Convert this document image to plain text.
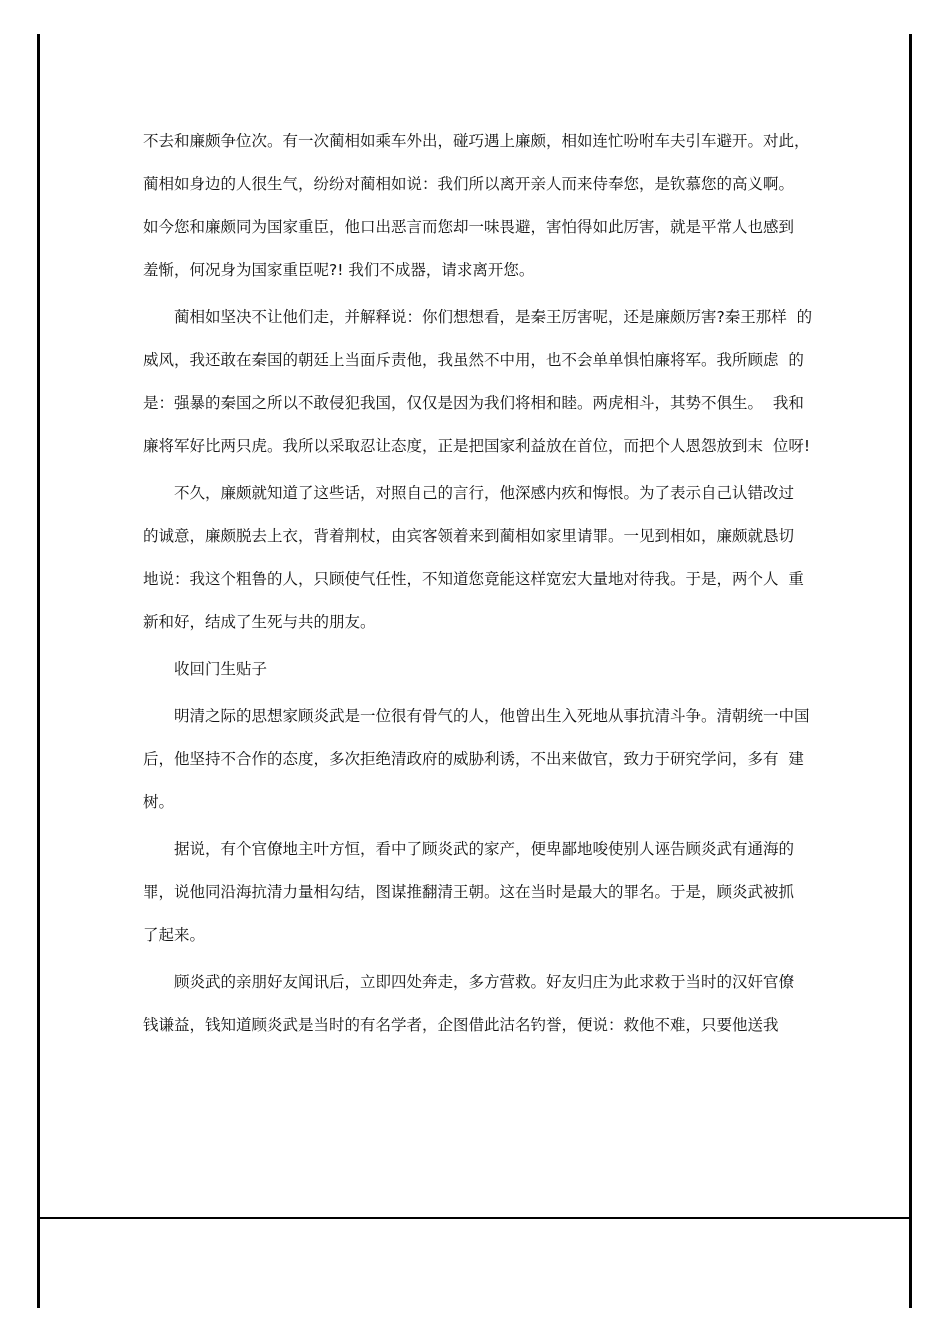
不去和廉颇争位次。有一次蔺相如乘车外出，碰巧遇上廉颇，相如连忙吩咐车夫引车避开。对此，  蔺相如身边的人很生气，纷纷对蔺相如说：我们所以离开亲人而来侍奉您，是钦慕您的高义啊。  如今您和廉颇同为国家重臣，他口出恶言而您却一味畏避，害怕得如此厉害，就是平常人也感到  羞惭，何况身为国家重臣呢?! 我们不成器，请求离开您。

蔺相如坚决不让他们走，并解释说：你们想想看，是秦王厉害呢，还是廉颇厉害?秦王那样  的威风，我还敢在秦国的朝廷上当面斥责他，我虽然不中用，也不会单单惧怕廉将军。我所顾虑  的是：强暴的秦国之所以不敢侵犯我国，仅仅是因为我们将相和睦。两虎相斗，其势不俱生。  我和廉将军好比两只虎。我所以采取忍让态度，正是把国家利益放在首位，而把个人恩怨放到末  位呀!

不久，廉颇就知道了这些话，对照自己的言行，他深感内疚和悔恨。为了表示自己认错改过  的诚意，廉颇脱去上衣，背着荆杖，由宾客领着来到蔺相如家里请罪。一见到相如，廉颇就恳切  地说：我这个粗鲁的人，只顾使气任性，不知道您竟能这样宽宏大量地对待我。于是，两个人  重新和好，结成了生死与共的朋友。

收回门生贴子

明清之际的思想家顾炎武是一位很有骨气的人，他曾出生入死地从事抗清斗争。清朝统一中国后，他坚持不合作的态度，多次拒绝清政府的威胁利诱，不出来做官，致力于研究学问，多有  建树。

据说，有个官僚地主叶方恒，看中了顾炎武的家产，便卑鄙地唆使别人诬告顾炎武有通海的  罪，说他同沿海抗清力量相勾结，图谋推翻清王朝。这在当时是最大的罪名。于是，顾炎武被抓  了起来。

顾炎武的亲朋好友闻讯后，立即四处奔走，多方营救。好友归庄为此求救于当时的汉奸官僚  钱谦益，钱知道顾炎武是当时的有名学者，企图借此沽名钓誉，便说：救他不难，只要他送我
